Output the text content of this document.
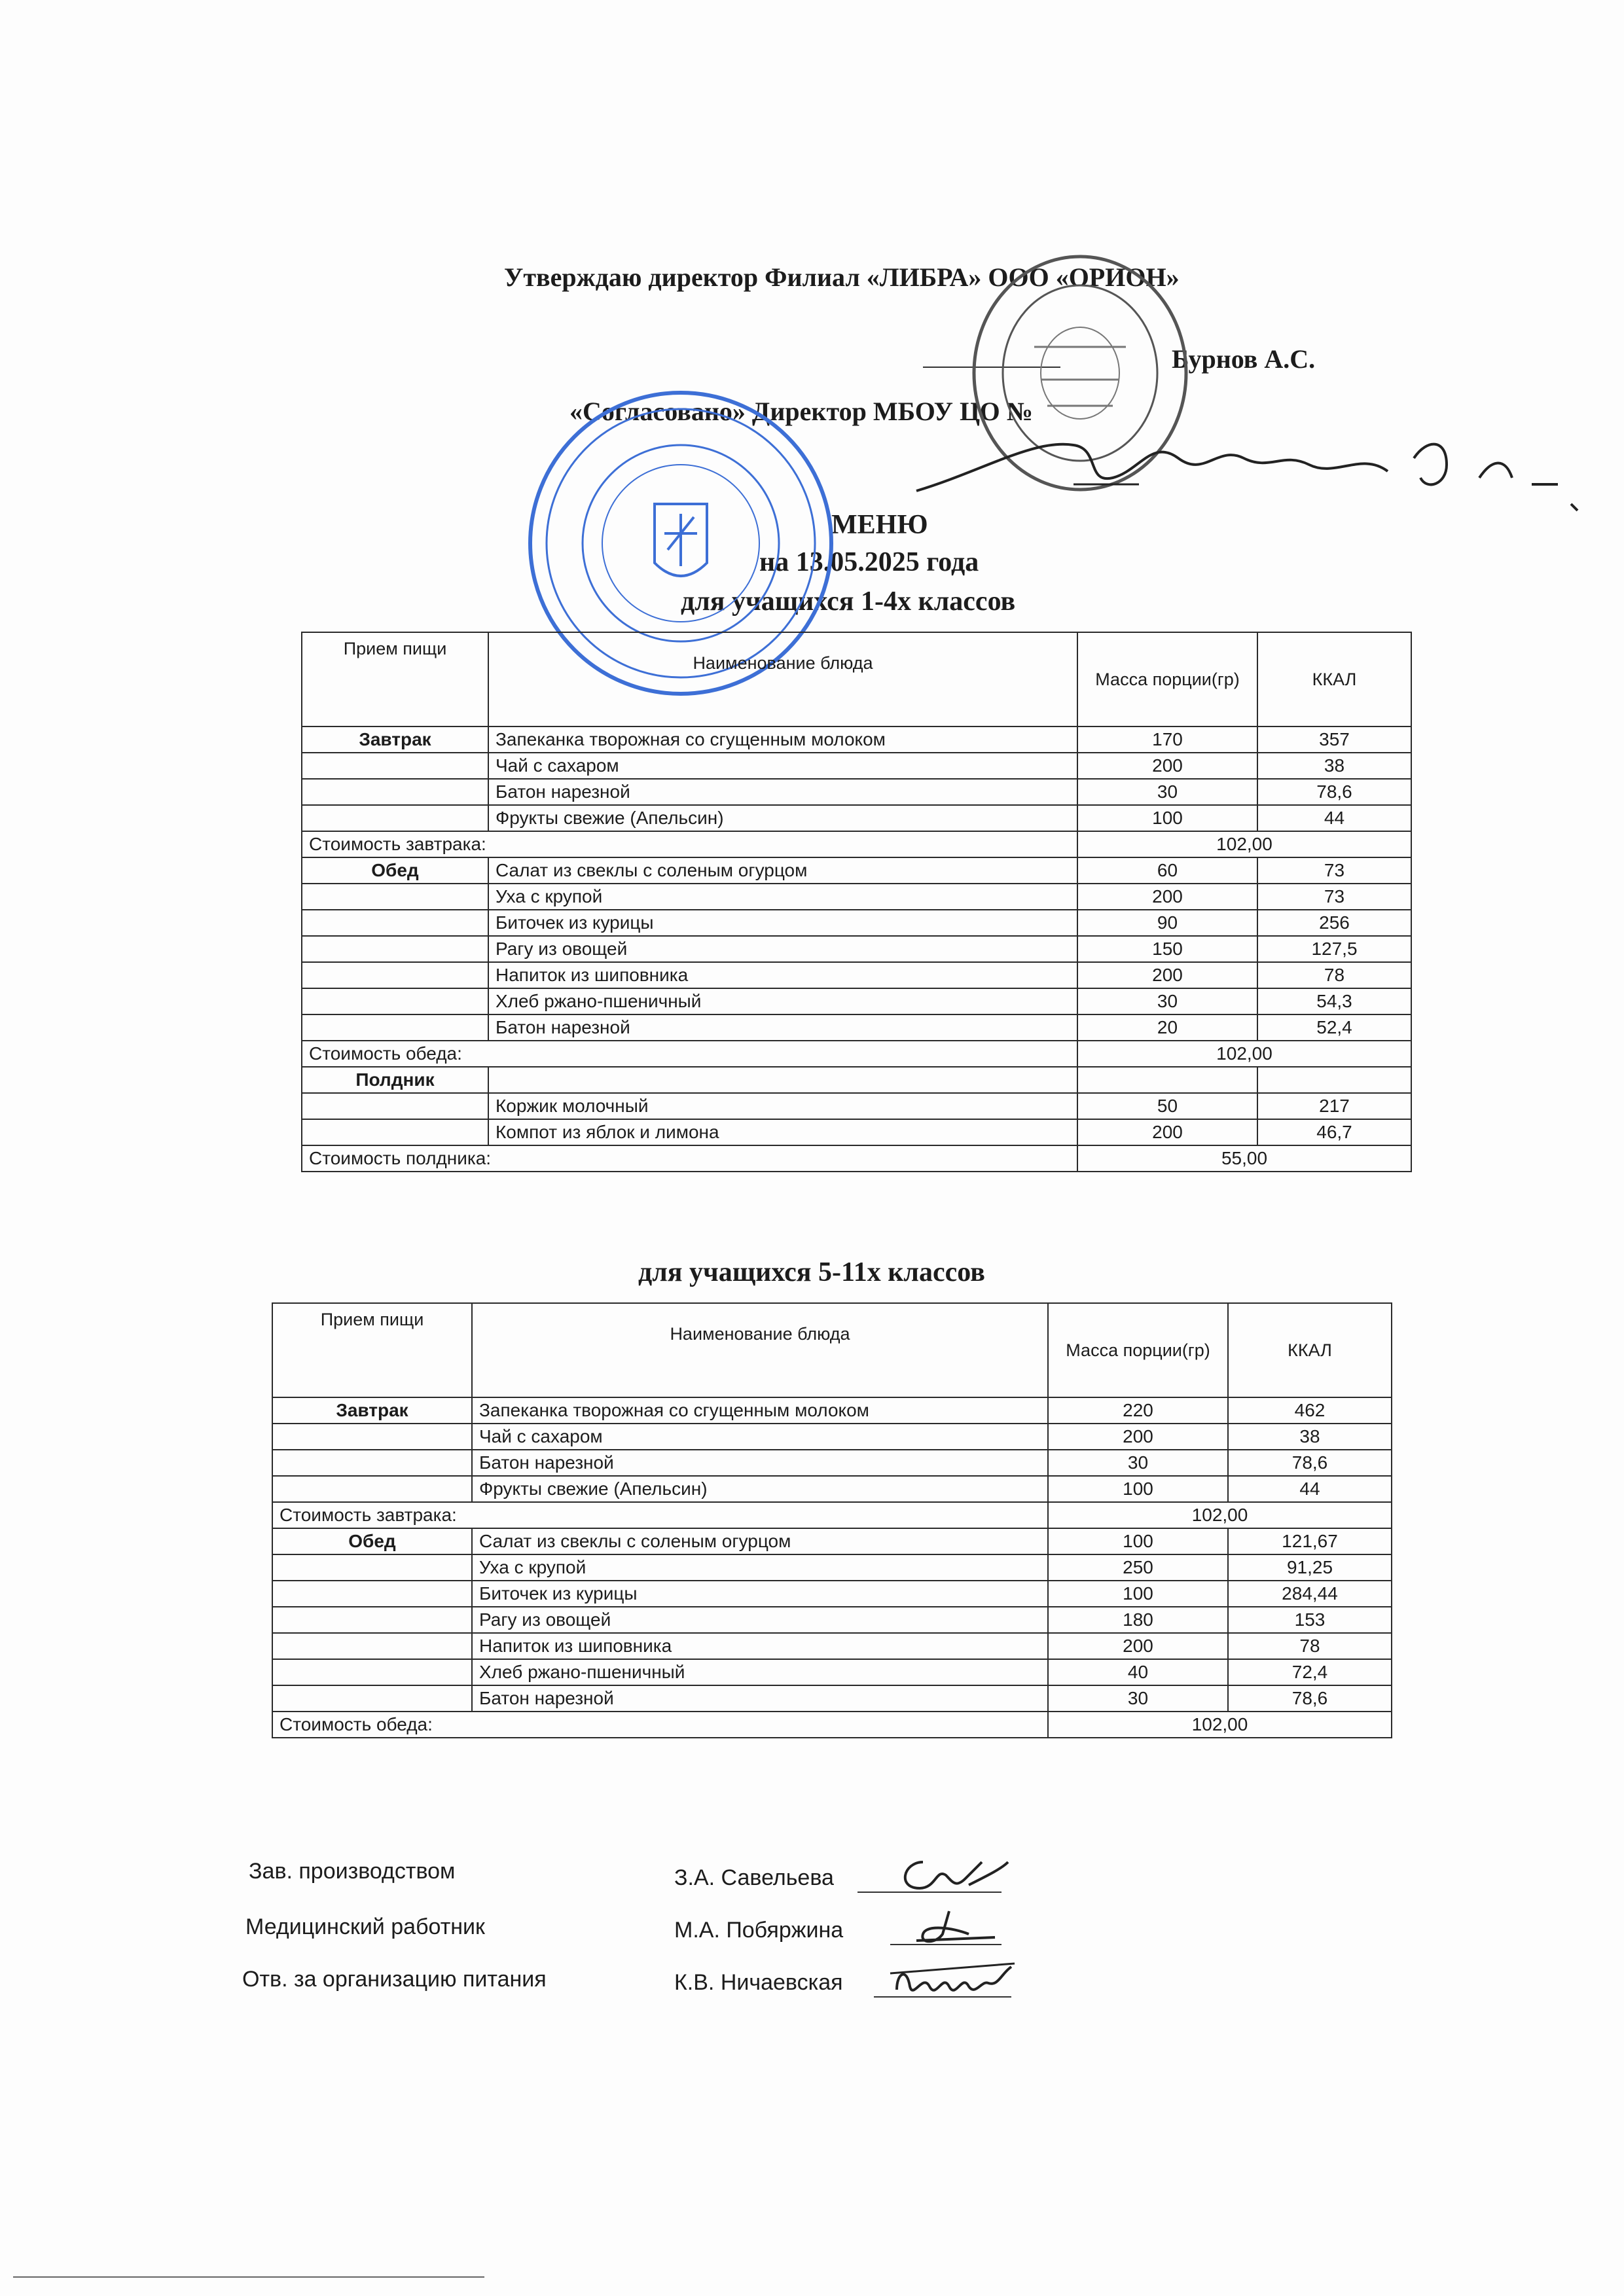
Утверждаю директор Филиал «ЛИБРА» ООО «ОРИОН»
Бурнов А.С.
«Согласовано» Директор МБОУ ЦО №
МЕНЮ
на 13.05.2025 года
для учащихся 1-4х классов
Прием пищи	Наименование блюда	Масса порции(гр)	ККАЛ
Завтрак	Запеканка творожная со сгущенным молоком	170	357
	Чай с сахаром	200	38
	Батон нарезной	30	78,6
	Фрукты свежие (Апельсин)	100	44
Стоимость завтрака:		102,00	
Обед	Салат из свеклы с соленым огурцом	60	73
	Уха с крупой	200	73
	Биточек из курицы	90	256
	Рагу из овощей	150	127,5
	Напиток из шиповника	200	78
	Хлеб ржано-пшеничный	30	54,3
	Батон нарезной	20	52,4
Стоимость обеда:		102,00	
Полдник			
	Коржик молочный	50	217
	Компот из яблок и лимона	200	46,7
Стоимость полдника:		55,00	
для учащихся 5-11х классов
Прием пищи	Наименование блюда	Масса порции(гр)	ККАЛ
Завтрак	Запеканка творожная со сгущенным молоком	220	462
	Чай с сахаром	200	38
	Батон нарезной	30	78,6
	Фрукты свежие (Апельсин)	100	44
Стоимость завтрака:		102,00	
Обед	Салат из свеклы с соленым огурцом	100	121,67
	Уха с крупой	250	91,25
	Биточек из курицы	100	284,44
	Рагу из овощей	180	153
	Напиток из шиповника	200	78
	Хлеб ржано-пшеничный	40	72,4
	Батон нарезной	30	78,6
Стоимость обеда:		102,00	
Зав. производством	З.А. Савельева
Медицинский работник	М.А. Побяржина
Отв. за организацию питания	К.В. Ничаевская
